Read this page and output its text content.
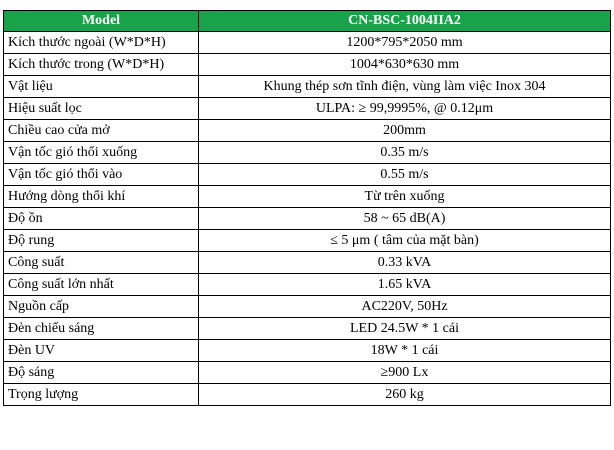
Model	CN-BSC-1004IIA2
Kích thước ngoài (W*D*H)	1200*795*2050 mm
Kích thước trong (W*D*H)	1004*630*630 mm
Vật liệu	Khung thép sơn tĩnh điện, vùng làm việc Inox 304
Hiệu suất lọc	ULPA: ≥ 99,9995%, @ 0.12μm
Chiều cao cửa mở	200mm
Vận tốc gió thổi xuống	0.35 m/s
Vận tốc gió thổi vào	0.55 m/s
Hướng dòng thổi khí	Từ trên xuống
Độ ồn	58 ~ 65 dB(A)
Độ rung	≤ 5 μm ( tâm của mặt bàn)
Công suất	0.33 kVA
Công suất lớn nhất	1.65 kVA
Nguồn cấp	AC220V, 50Hz
Đèn chiếu sáng	LED 24.5W * 1 cái
Đèn UV	18W * 1 cái
Độ sáng	≥900 Lx
Trọng lượng	260 kg
